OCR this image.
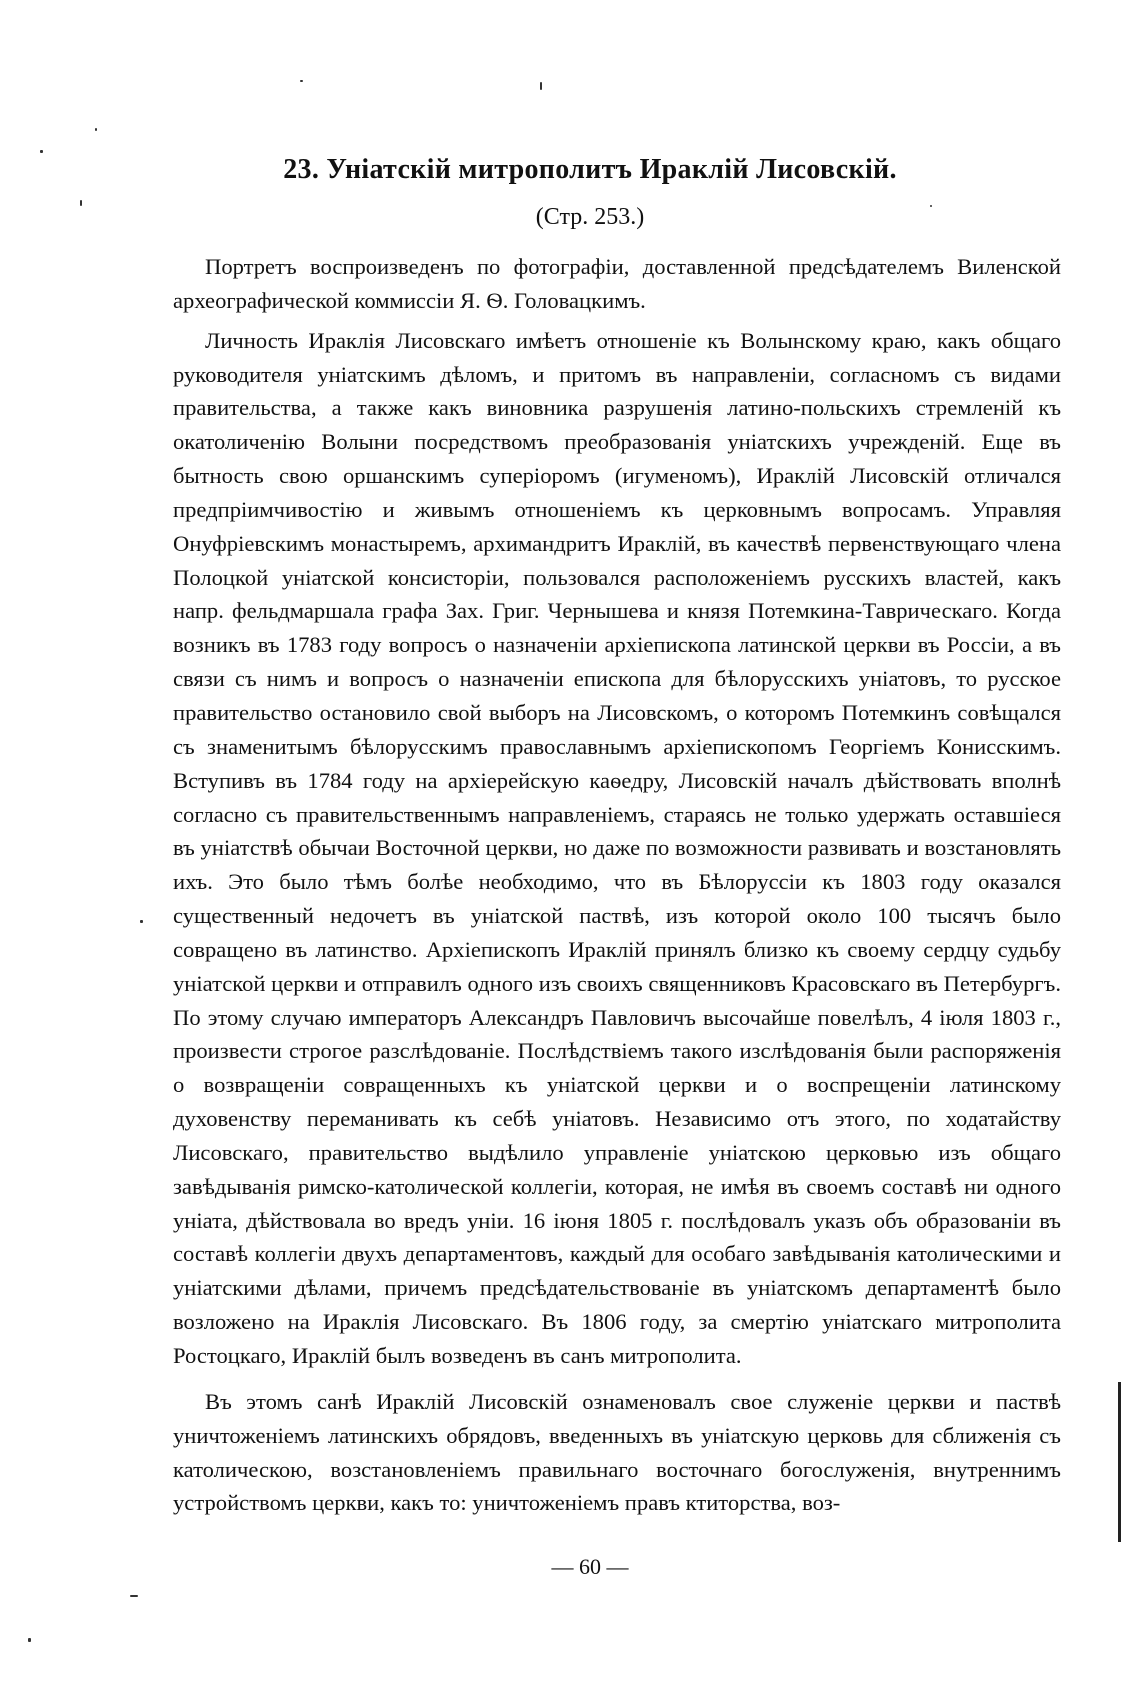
23. Уніатскій митрополитъ Ираклій Лисовскій.
(Стр. 253.)

Портретъ воспроизведенъ по фотографіи, доставленной предсѣдателемъ Виленской археографической коммиссіи Я. Ѳ. Головацкимъ.

Личность Ираклія Лисовскаго имѣетъ отношеніе къ Волынскому краю, какъ общаго руководителя уніатскимъ дѣломъ, и притомъ въ направленіи, согласномъ съ видами правительства, а также какъ виновника разрушенія латино-польскихъ стремленій къ окатоличенію Волыни посредствомъ преобразованія уніатскихъ учрежденій. Еще въ бытность свою оршанскимъ суперіоромъ (игуменомъ), Ираклій Лисовскій отличался предпріимчивостію и живымъ отношеніемъ къ церковнымъ вопросамъ. Управляя Онуфріевскимъ монастыремъ, архимандритъ Ираклій, въ качествѣ первенствующаго члена Полоцкой уніатской консисторіи, пользовался расположеніемъ русскихъ властей, какъ напр. фельдмаршала графа Зах. Григ. Чернышева и князя Потемкина-Таврическаго. Когда возникъ въ 1783 году вопросъ о назначеніи архіепископа латинской церкви въ Россіи, а въ связи съ нимъ и вопросъ о назначеніи епископа для бѣлорусскихъ уніатовъ, то русское правительство остановило свой выборъ на Лисовскомъ, о которомъ Потемкинъ совѣщался съ знаменитымъ бѣлорусскимъ православнымъ архіепископомъ Георгіемъ Конисскимъ. Вступивъ въ 1784 году на архіерейскую каѳедру, Лисовскій началъ дѣйствовать вполнѣ согласно съ правительственнымъ направленіемъ, стараясь не только удержать оставшіеся въ уніатствѣ обычаи Восточной церкви, но даже по возможности развивать и возстановлять ихъ. Это было тѣмъ болѣе необходимо, что въ Бѣлоруссіи къ 1803 году оказался существенный недочетъ въ уніатской паствѣ, изъ которой около 100 тысячъ было совращено въ латинство. Архіепископъ Ираклій принялъ близко къ своему сердцу судьбу уніатской церкви и отправилъ одного изъ своихъ священниковъ Красовскаго въ Петербургъ. По этому случаю императоръ Александръ Павловичъ высочайше повелѣлъ, 4 іюля 1803 г., произвести строгое разслѣдованіе. Послѣдствіемъ такого изслѣдованія были распоряженія о возвращеніи совращенныхъ къ уніатской церкви и о воспрещеніи латинскому духовенству переманивать къ себѣ уніатовъ. Независимо отъ этого, по ходатайству Лисовскаго, правительство выдѣлило управленіе уніатскою церковью изъ общаго завѣдыванія римско-католической коллегіи, которая, не имѣя въ своемъ составѣ ни одного уніата, дѣйствовала во вредъ уніи. 16 іюня 1805 г. послѣдовалъ указъ объ образованіи въ составѣ коллегіи двухъ департаментовъ, каждый для особаго завѣдыванія католическими и уніатскими дѣлами, причемъ предсѣдательствованіе въ уніатскомъ департаментѣ было возложено на Ираклія Лисовскаго. Въ 1806 году, за смертію уніатскаго митрополита Ростоцкаго, Ираклій былъ возведенъ въ санъ митрополита.

Въ этомъ санѣ Ираклій Лисовскій ознаменовалъ свое служеніе церкви и паствѣ уничтоженіемъ латинскихъ обрядовъ, введенныхъ въ уніатскую церковь для сближенія съ католическою, возстановленіемъ правильнаго восточнаго богослуженія, внутреннимъ устройствомъ церкви, какъ то: уничтоженіемъ правъ ктиторства, воз-

— 60 —
